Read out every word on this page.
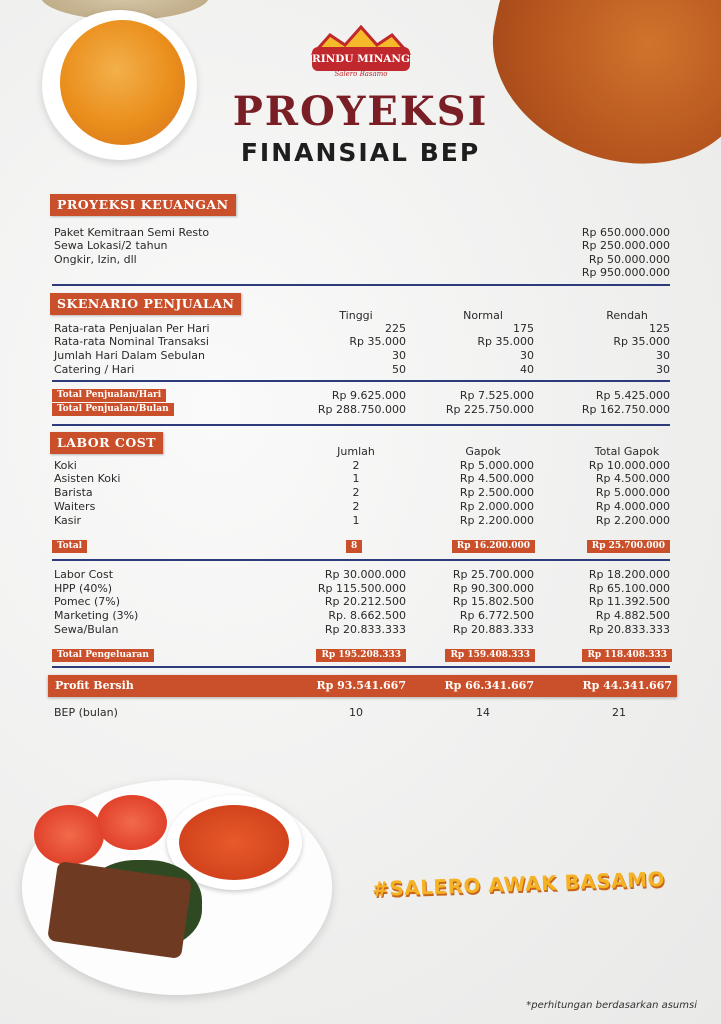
RINDU MINANG
Salero Basamo
PROYEKSI
FINANSIAL BEP
PROYEKSI KEUANGAN
Paket Kemitraan Semi Resto	Rp 650.000.000
Sewa Lokasi/2 tahun	Rp 250.000.000
Ongkir, Izin, dll	Rp 50.000.000
Rp 950.000.000
SKENARIO PENJUALAN
Tinggi	Normal	Rendah
Rata-rata Penjualan Per Hari	225	175	125
Rata-rata Nominal Transaksi	Rp 35.000	Rp 35.000	Rp 35.000
Jumlah Hari Dalam Sebulan	30	30	30
Catering / Hari	50	40	30
Total Penjualan/Hari	Rp 9.625.000	Rp 7.525.000	Rp 5.425.000
Total Penjualan/Bulan	Rp 288.750.000	Rp 225.750.000	Rp 162.750.000
LABOR COST
Jumlah	Gapok	Total Gapok
Koki	2	Rp 5.000.000	Rp 10.000.000
Asisten Koki	1	Rp 4.500.000	Rp 4.500.000
Barista	2	Rp 2.500.000	Rp 5.000.000
Waiters	2	Rp 2.000.000	Rp 4.000.000
Kasir	1	Rp 2.200.000	Rp 2.200.000
Total	8	Rp 16.200.000	Rp 25.700.000
Labor Cost	Rp 30.000.000	Rp 25.700.000	Rp 18.200.000
HPP (40%)	Rp 115.500.000	Rp 90.300.000	Rp 65.100.000
Pomec (7%)	Rp 20.212.500	Rp 15.802.500	Rp 11.392.500
Marketing (3%)	Rp. 8.662.500	Rp 6.772.500	Rp 4.882.500
Sewa/Bulan	Rp 20.833.333	Rp 20.883.333	Rp 20.833.333
Total Pengeluaran	Rp 195.208.333	Rp 159.408.333	Rp 118.408.333
Profit Bersih	Rp 93.541.667	Rp 66.341.667	Rp 44.341.667
BEP (bulan)	10	14	21
#SALERO AWAK BASAMO
*perhitungan berdasarkan asumsi
